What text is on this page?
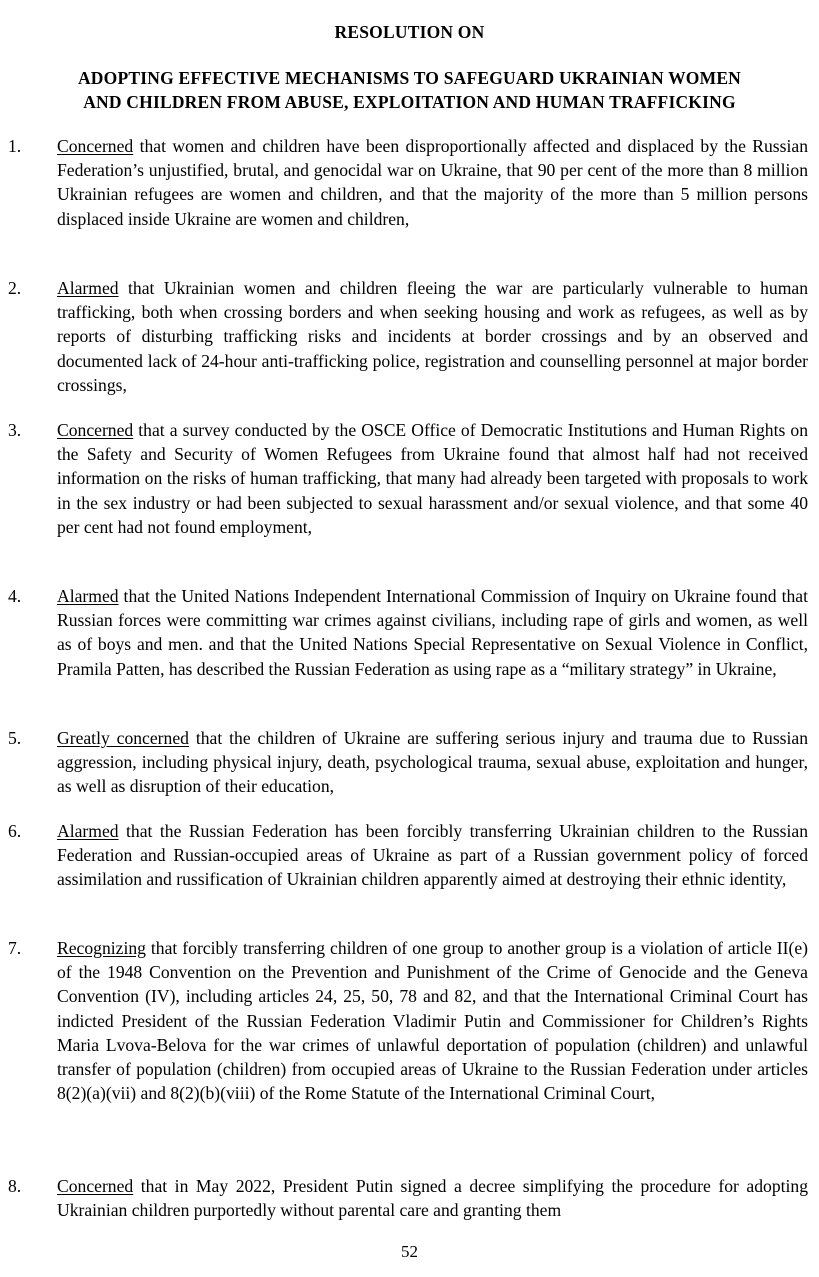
RESOLUTION ON
ADOPTING EFFECTIVE MECHANISMS TO SAFEGUARD UKRAINIAN WOMEN
AND CHILDREN FROM ABUSE, EXPLOITATION AND HUMAN TRAFFICKING
1.	Concerned that women and children have been disproportionally affected and displaced by the Russian Federation’s unjustified, brutal, and genocidal war on Ukraine, that 90 per cent of the more than 8 million Ukrainian refugees are women and children, and that the majority of the more than 5 million persons displaced inside Ukraine are women and children,
2.	Alarmed that Ukrainian women and children fleeing the war are particularly vulnerable to human trafficking, both when crossing borders and when seeking housing and work as refugees, as well as by reports of disturbing trafficking risks and incidents at border crossings and by an observed and documented lack of 24-hour anti-trafficking police, registration and counselling personnel at major border crossings,
3.	Concerned that a survey conducted by the OSCE Office of Democratic Institutions and Human Rights on the Safety and Security of Women Refugees from Ukraine found that almost half had not received information on the risks of human trafficking, that many had already been targeted with proposals to work in the sex industry or had been subjected to sexual harassment and/or sexual violence, and that some 40 per cent had not found employment,
4.	Alarmed that the United Nations Independent International Commission of Inquiry on Ukraine found that Russian forces were committing war crimes against civilians, including rape of girls and women, as well as of boys and men. and that the United Nations Special Representative on Sexual Violence in Conflict, Pramila Patten, has described the Russian Federation as using rape as a “military strategy” in Ukraine,
5.	Greatly concerned that the children of Ukraine are suffering serious injury and trauma due to Russian aggression, including physical injury, death, psychological trauma, sexual abuse, exploitation and hunger, as well as disruption of their education,
6.	Alarmed that the Russian Federation has been forcibly transferring Ukrainian children to the Russian Federation and Russian-occupied areas of Ukraine as part of a Russian government policy of forced assimilation and russification of Ukrainian children apparently aimed at destroying their ethnic identity,
7.	Recognizing that forcibly transferring children of one group to another group is a violation of article II(e) of the 1948 Convention on the Prevention and Punishment of the Crime of Genocide and the Geneva Convention (IV), including articles 24, 25, 50, 78 and 82, and that the International Criminal Court has indicted President of the Russian Federation Vladimir Putin and Commissioner for Children’s Rights Maria Lvova-Belova for the war crimes of unlawful deportation of population (children) and unlawful transfer of population (children) from occupied areas of Ukraine to the Russian Federation under articles 8(2)(a)(vii) and 8(2)(b)(viii) of the Rome Statute of the International Criminal Court,
8.	Concerned that in May 2022, President Putin signed a decree simplifying the procedure for adopting Ukrainian children purportedly without parental care and granting them
52
